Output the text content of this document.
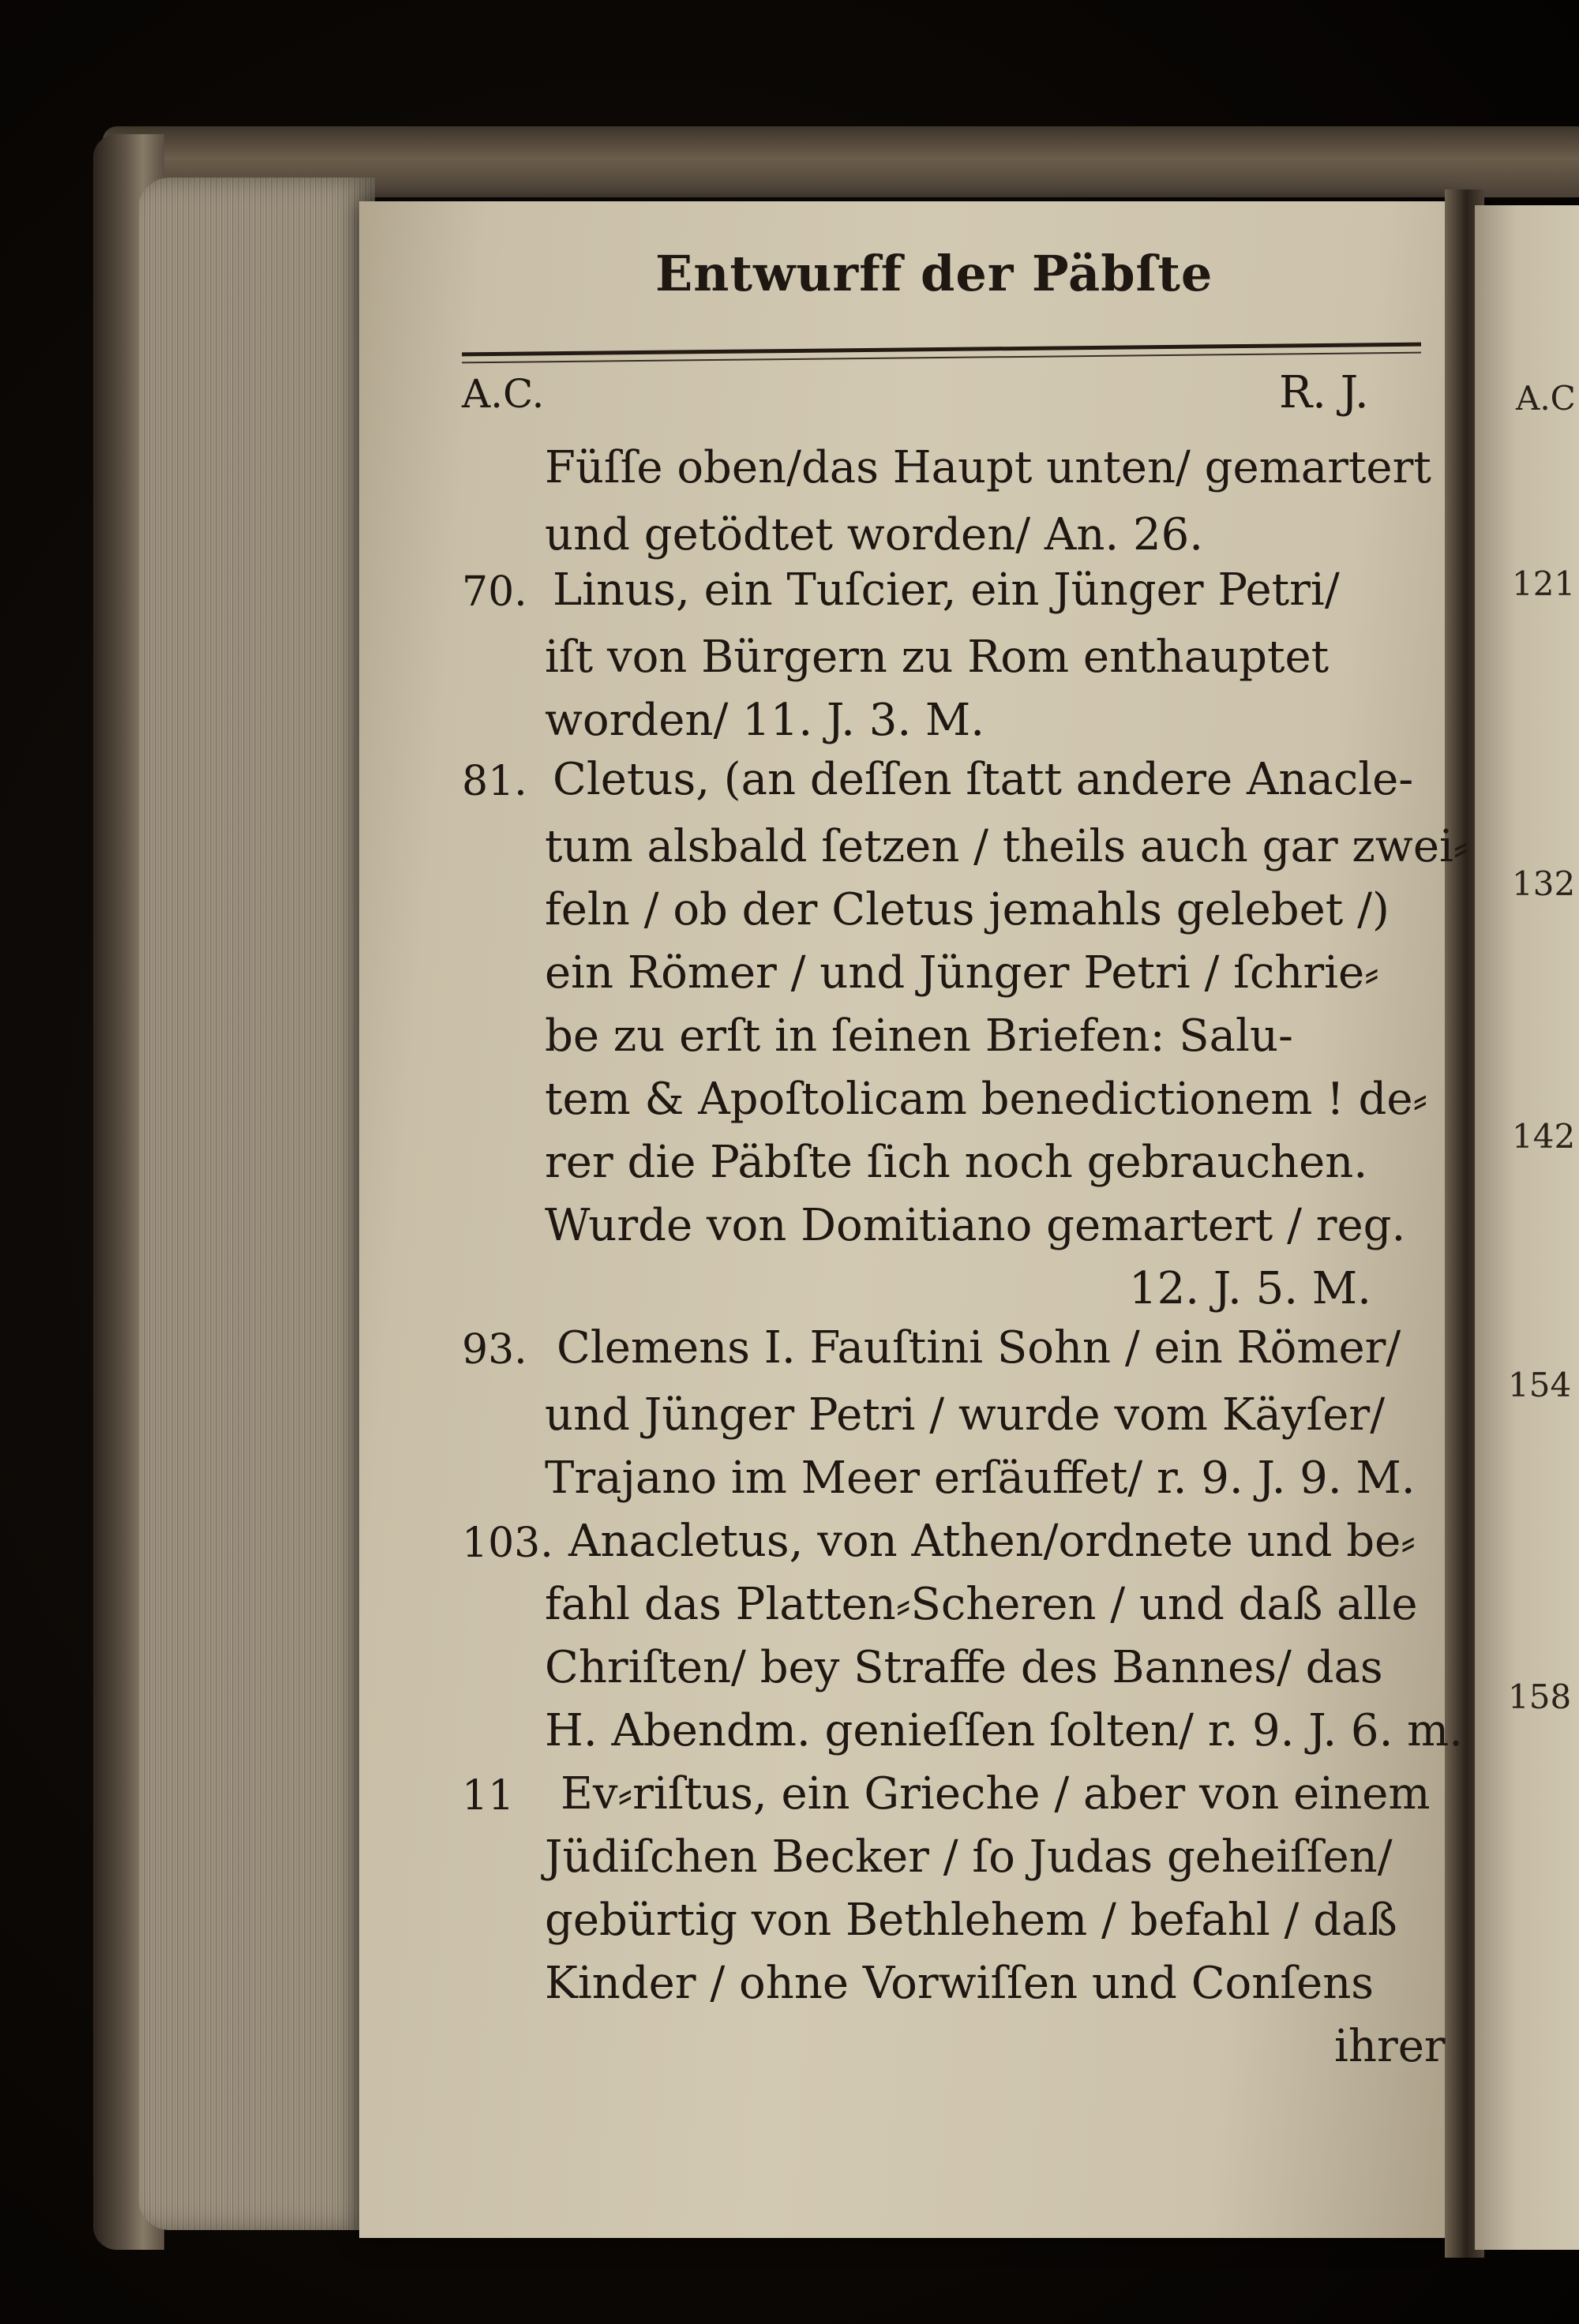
Entwurff der Päbſte
A.C.	R. J.
Füſſe oben/das Haupt unten/ gemartert
und getödtet worden/ An. 26.
70. Linus, ein Tuſcier, ein Jünger Petri/
iſt von Bürgern zu Rom enthauptet
worden/ 11. J. 3. M.
81. Cletus, (an deſſen ſtatt andere Anacle-
tum alsbald ſetzen / theils auch gar zwei⸗
feln / ob der Cletus jemahls gelebet /)
ein Römer / und Jünger Petri / ſchrie⸗
be zu erſt in ſeinen Briefen: Salu-
tem & Apoſtolicam benedictionem ! de⸗
rer die Päbſte ſich noch gebrauchen.
Wurde von Domitiano gemartert / reg.
12. J. 5. M.
93. Clemens I. Fauſtini Sohn / ein Römer/
und Jünger Petri / wurde vom Käyſer/
Trajano im Meer erſäuffet/ r. 9. J. 9. M.
103. Anacletus, von Athen/ordnete und be⸗
fahl das Platten⸗Scheren / und daß alle
Chriſten/ bey Straffe des Bannes/ das
H. Abendm. genieſſen ſolten/ r. 9. J. 6. m.
11 Ev⸗riſtus, ein Grieche / aber von einem
Jüdiſchen Becker / ſo Judas geheiſſen/
gebürtig von Bethlehem / befahl / daß
Kinder / ohne Vorwiſſen und Conſens
ihrer
A.C
121
132
142
154
158
